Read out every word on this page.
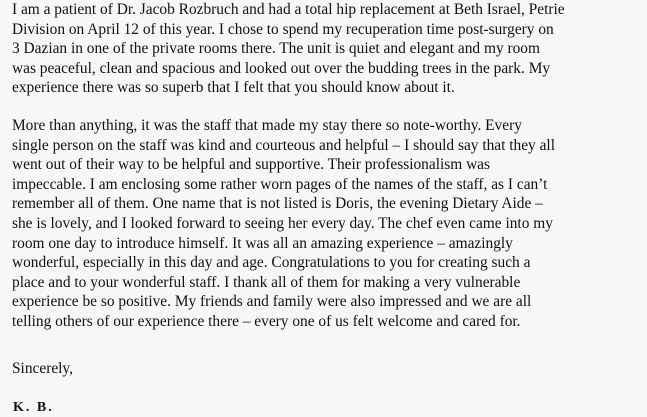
I am a patient of Dr. Jacob Rozbruch and had a total hip replacement at Beth Israel, Petrie
Division on April 12 of this year. I chose to spend my recuperation time post-surgery on
3 Dazian in one of the private rooms there. The unit is quiet and elegant and my room
was peaceful, clean and spacious and looked out over the budding trees in the park. My
experience there was so superb that I felt that you should know about it.
More than anything, it was the staff that made my stay there so note-worthy. Every
single person on the staff was kind and courteous and helpful – I should say that they all
went out of their way to be helpful and supportive. Their professionalism was
impeccable. I am enclosing some rather worn pages of the names of the staff, as I can’t
remember all of them. One name that is not listed is Doris, the evening Dietary Aide –
she is lovely, and I looked forward to seeing her every day. The chef even came into my
room one day to introduce himself. It was all an amazing experience – amazingly
wonderful, especially in this day and age. Congratulations to you for creating such a
place and to your wonderful staff. I thank all of them for making a very vulnerable
experience be so positive. My friends and family were also impressed and we are all
telling others of our experience there – every one of us felt welcome and cared for.
Sincerely,
K. B.
